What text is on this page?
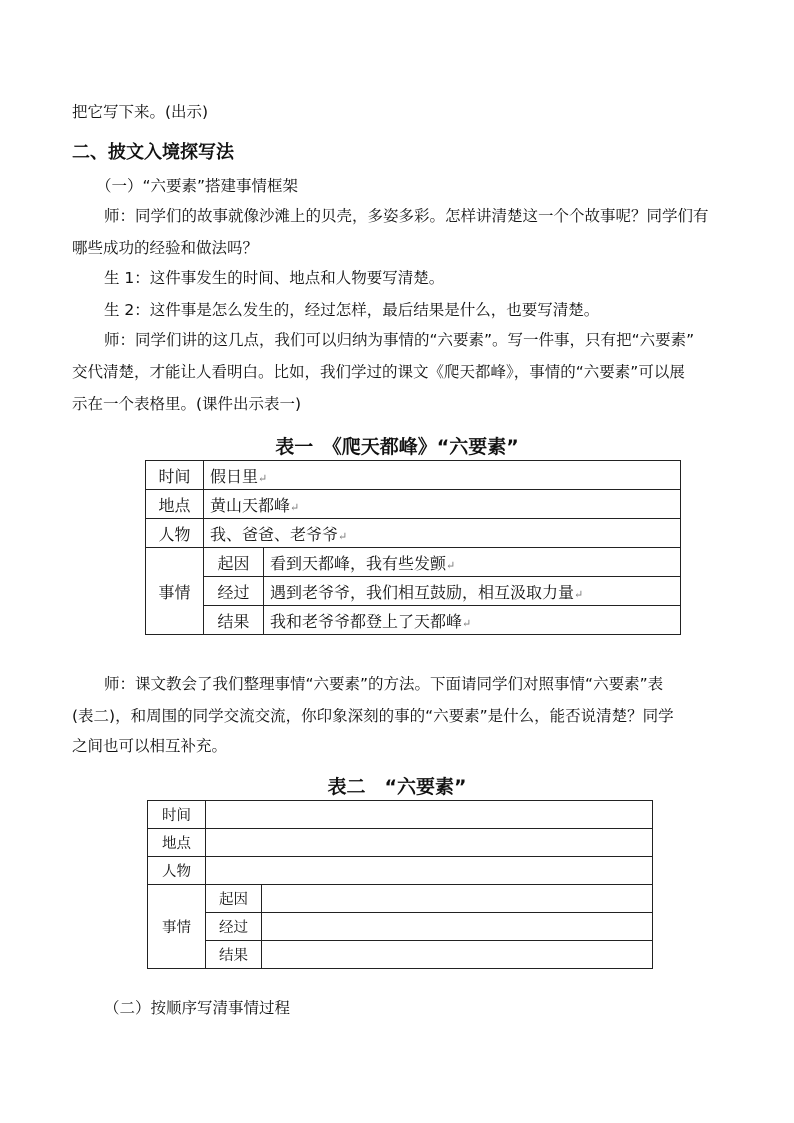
把它写下来。(出示)
二、披文入境探写法
（一）“六要素”搭建事情框架
师：同学们的故事就像沙滩上的贝壳，多姿多彩。怎样讲清楚这一个个故事呢？同学们有
哪些成功的经验和做法吗？
生 1：这件事发生的时间、地点和人物要写清楚。
生 2：这件事是怎么发生的，经过怎样，最后结果是什么，也要写清楚。
师：同学们讲的这几点，我们可以归纳为事情的“六要素”。写一件事，只有把“六要素”
交代清楚，才能让人看明白。比如，我们学过的课文《爬天都峰》，事情的“六要素”可以展
示在一个表格里。(课件出示表一)
表一　《爬天都峰》“六要素”
时间	假日里↵	
地点	黄山天都峰↵	
人物	我、爸爸、老爷爷↵	
事情	起因	看到天都峰，我有些发颤↵
	经过	遇到老爷爷，我们相互鼓励，相互汲取力量↵
	结果	我和老爷爷都登上了天都峰↵
师：课文教会了我们整理事情“六要素”的方法。下面请同学们对照事情“六要素”表
(表二)，和周围的同学交流交流，你印象深刻的事的“六要素”是什么，能否说清楚？同学
之间也可以相互补充。
表二　“六要素”
时间		
地点		
人物		
事情	起因	
	经过	
	结果	
（二）按顺序写清事情过程
